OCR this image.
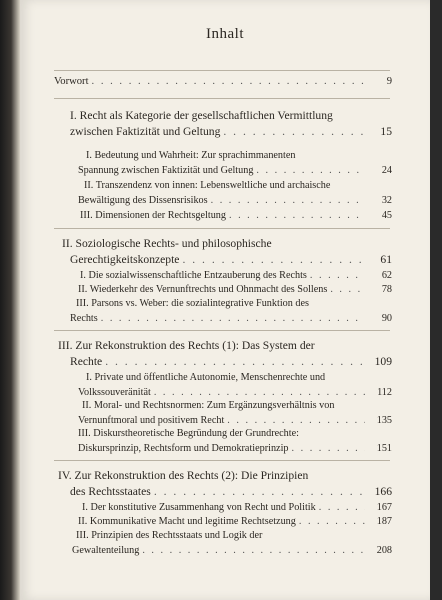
Inhalt
Vorwort . . .	9
I. Recht als Kategorie der gesellschaftlichen Vermittlung
zwischen Faktizität und Geltung . . .	15
I. Bedeutung und Wahrheit: Zur sprachimmanenten
Spannung zwischen Faktizität und Geltung . . .	24
II. Transzendenz von innen: Lebensweltliche und archaische
Bewältigung des Dissensrisikos . . .	32
III. Dimensionen der Rechtsgeltung . . .	45
II. Soziologische Rechts- und philosophische
Gerechtigkeitskonzepte . . .	61
I. Die sozialwissenschaftliche Entzauberung des Rechts . . .	62
II. Wiederkehr des Vernunftrechts und Ohnmacht des Sollens . . .	78
III. Parsons vs. Weber: die sozialintegrative Funktion des
Rechts . . .	90
III. Zur Rekonstruktion des Rechts (1): Das System der
Rechte . . .	109
I. Private und öffentliche Autonomie, Menschenrechte und
Volkssouveränität . . .	112
II. Moral- und Rechtsnormen: Zum Ergänzungsverhältnis von
Vernunftmoral und positivem Recht . . .	135
III. Diskurstheoretische Begründung der Grundrechte:
Diskursprinzip, Rechtsform und Demokratieprinzip . . .	151
IV. Zur Rekonstruktion des Rechts (2): Die Prinzipien
des Rechtsstaates . . .	166
I. Der konstitutive Zusammenhang von Recht und Politik . . .	167
II. Kommunikative Macht und legitime Rechtsetzung . . .	187
III. Prinzipien des Rechtsstaats und Logik der
Gewaltenteilung . . .	208
